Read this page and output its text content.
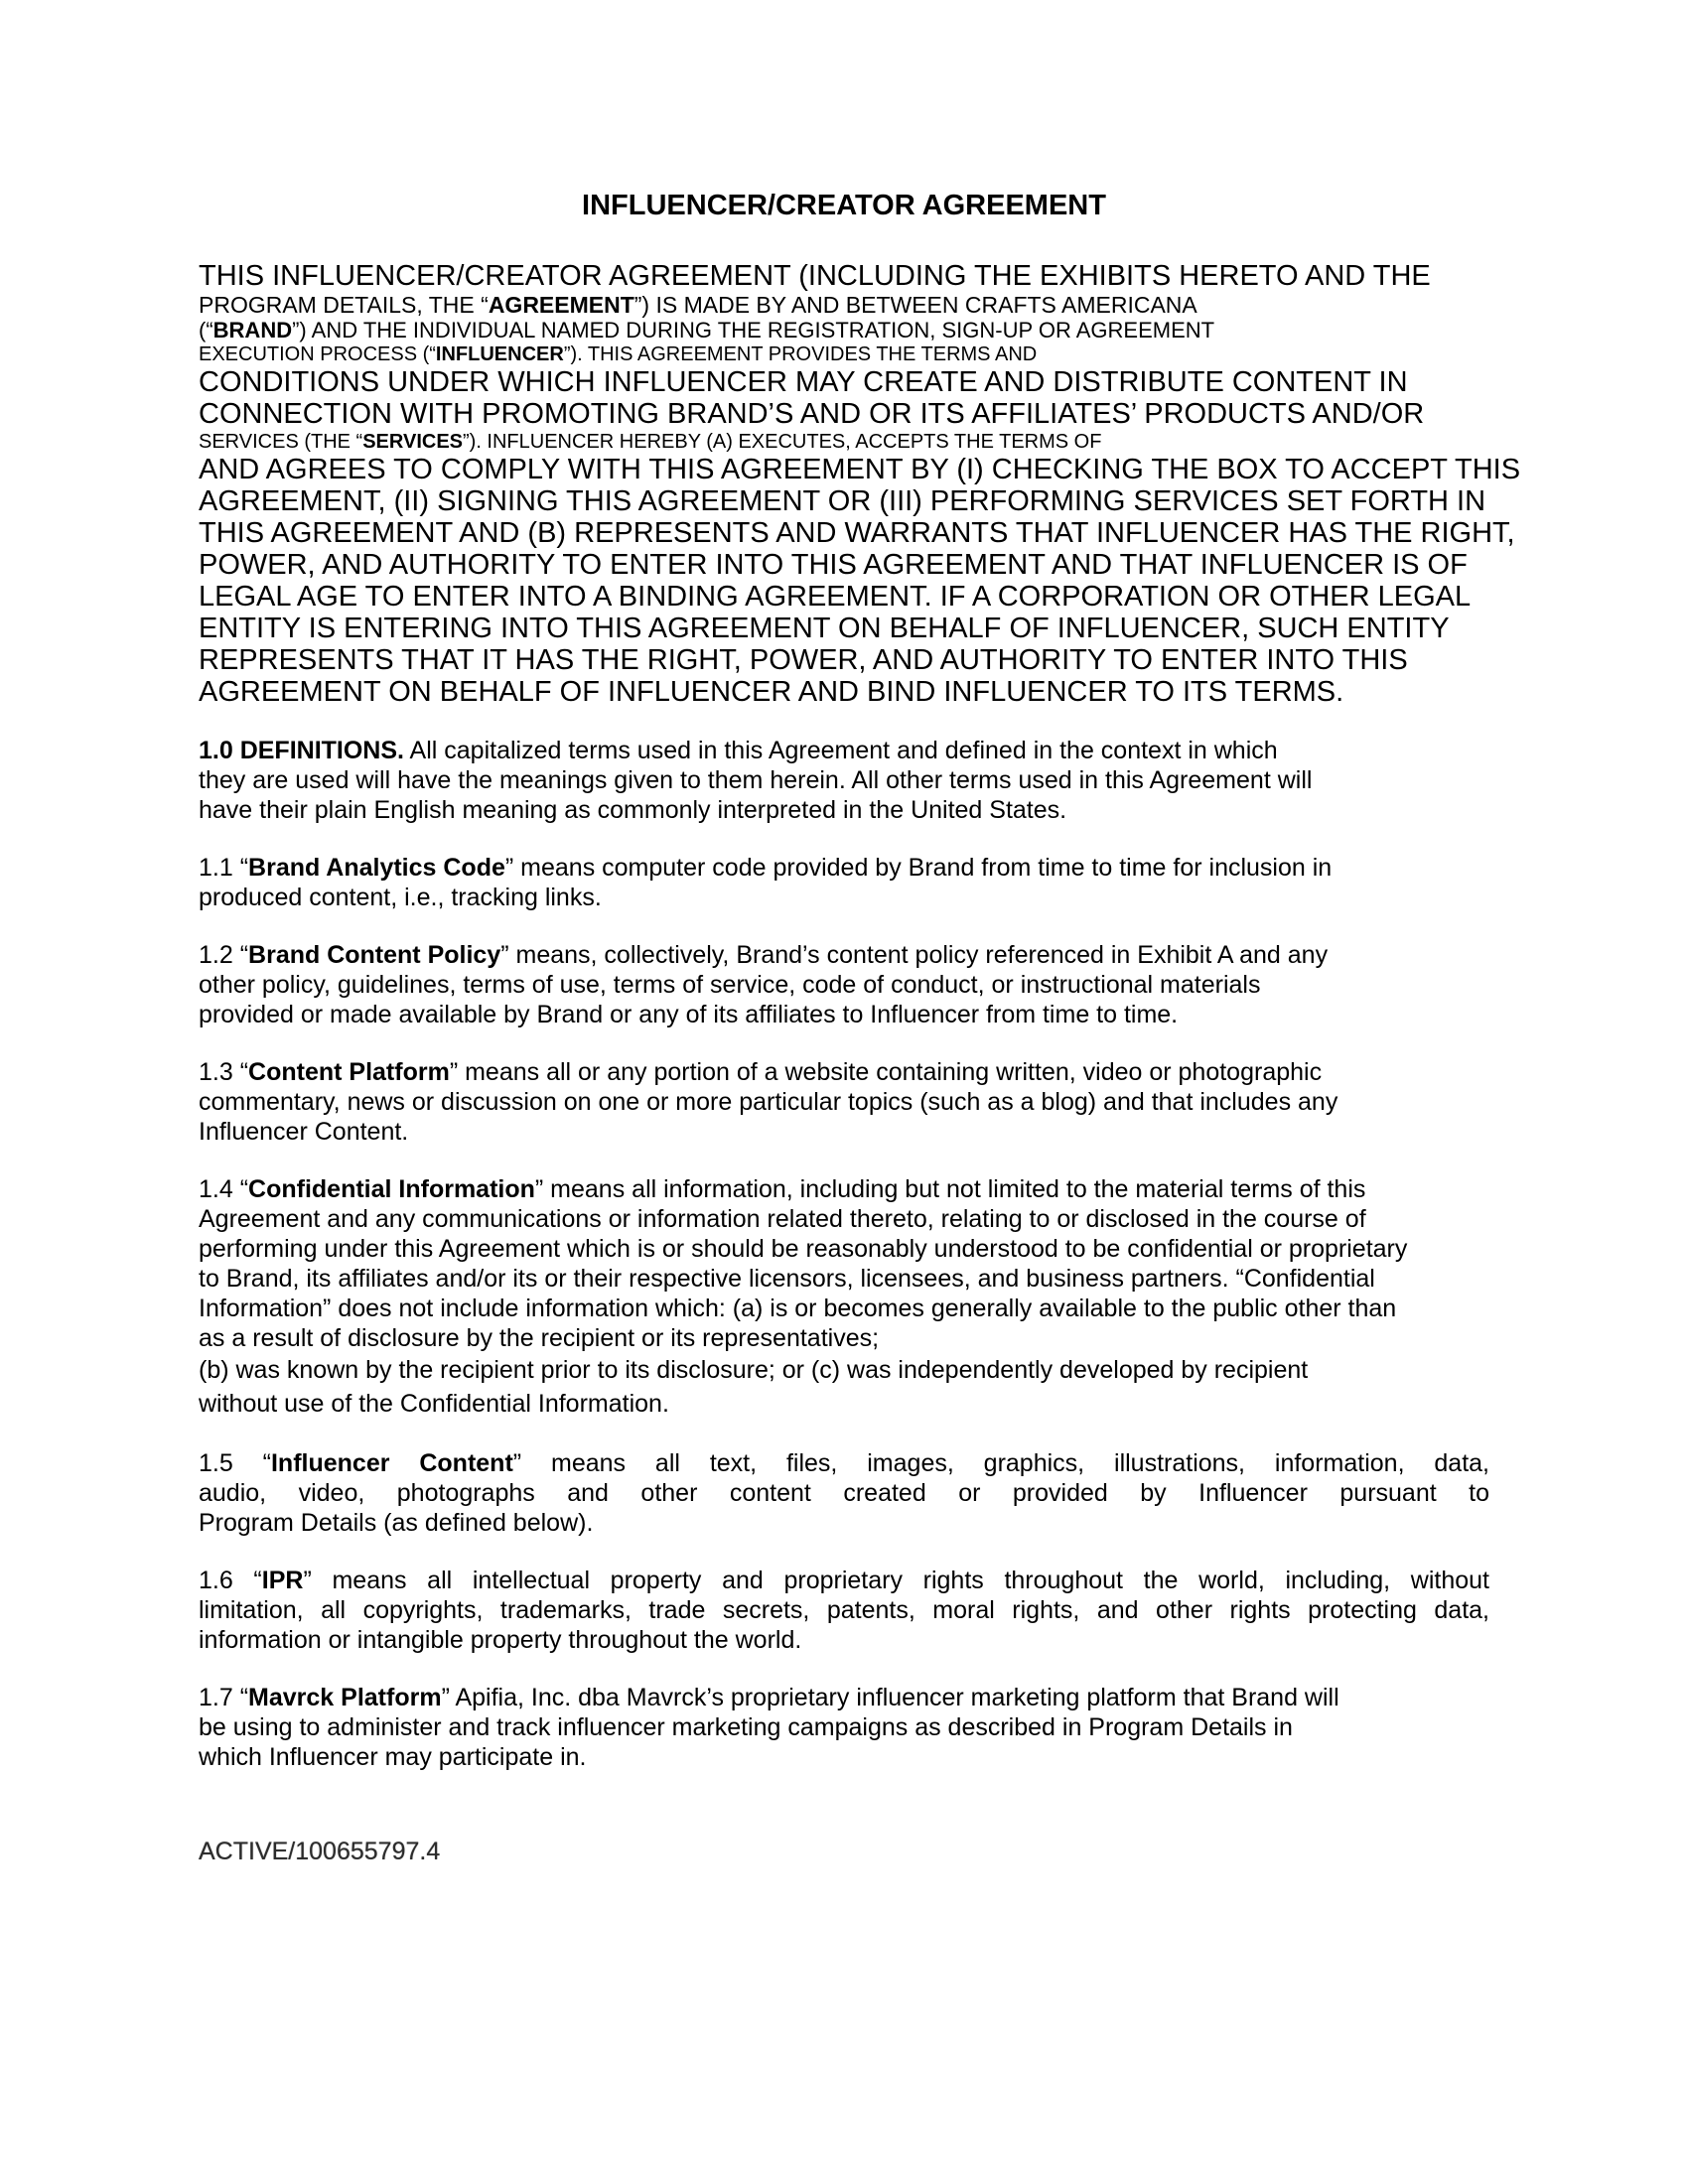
INFLUENCER/CREATOR AGREEMENT
THIS INFLUENCER/CREATOR AGREEMENT (INCLUDING THE EXHIBITS HERETO AND THE
PROGRAM DETAILS, THE “AGREEMENT”) IS MADE BY AND BETWEEN CRAFTS AMERICANA
(“BRAND”) AND THE INDIVIDUAL NAMED DURING THE REGISTRATION, SIGN-UP OR AGREEMENT
EXECUTION PROCESS (“INFLUENCER”). THIS AGREEMENT PROVIDES THE TERMS AND
CONDITIONS UNDER WHICH INFLUENCER MAY CREATE AND DISTRIBUTE CONTENT IN
CONNECTION WITH PROMOTING BRAND’S AND OR ITS AFFILIATES’ PRODUCTS AND/OR
SERVICES (THE “SERVICES”). INFLUENCER HEREBY (A) EXECUTES, ACCEPTS THE TERMS OF
AND AGREES TO COMPLY WITH THIS AGREEMENT BY (I) CHECKING THE BOX TO ACCEPT THIS
AGREEMENT, (II) SIGNING THIS AGREEMENT OR (III) PERFORMING SERVICES SET FORTH IN
THIS AGREEMENT AND (B) REPRESENTS AND WARRANTS THAT INFLUENCER HAS THE RIGHT,
POWER, AND AUTHORITY TO ENTER INTO THIS AGREEMENT AND THAT INFLUENCER IS OF
LEGAL AGE TO ENTER INTO A BINDING AGREEMENT. IF A CORPORATION OR OTHER LEGAL
ENTITY IS ENTERING INTO THIS AGREEMENT ON BEHALF OF INFLUENCER, SUCH ENTITY
REPRESENTS THAT IT HAS THE RIGHT, POWER, AND AUTHORITY TO ENTER INTO THIS
AGREEMENT ON BEHALF OF INFLUENCER AND BIND INFLUENCER TO ITS TERMS.
1.0 DEFINITIONS. All capitalized terms used in this Agreement and defined in the context in which
they are used will have the meanings given to them herein. All other terms used in this Agreement will
have their plain English meaning as commonly interpreted in the United States.
1.1 “Brand Analytics Code” means computer code provided by Brand from time to time for inclusion in
produced content, i.e., tracking links.
1.2 “Brand Content Policy” means, collectively, Brand’s content policy referenced in Exhibit A and any
other policy, guidelines, terms of use, terms of service, code of conduct, or instructional materials
provided or made available by Brand or any of its affiliates to Influencer from time to time.
1.3 “Content Platform” means all or any portion of a website containing written, video or photographic
commentary, news or discussion on one or more particular topics (such as a blog) and that includes any
Influencer Content.
1.4 “Confidential Information” means all information, including but not limited to the material terms of this
Agreement and any communications or information related thereto, relating to or disclosed in the course of
performing under this Agreement which is or should be reasonably understood to be confidential or proprietary
to Brand, its affiliates and/or its or their respective licensors, licensees, and business partners. “Confidential
Information” does not include information which: (a) is or becomes generally available to the public other than
as a result of disclosure by the recipient or its representatives;
(b) was known by the recipient prior to its disclosure; or (c) was independently developed by recipient
without use of the Confidential Information.
1.5 “Influencer Content” means all text, files, images, graphics, illustrations, information, data,
audio, video, photographs and other content created or provided by Influencer pursuant to
Program Details (as defined below).
1.6 “IPR” means all intellectual property and proprietary rights throughout the world, including, without
limitation, all copyrights, trademarks, trade secrets, patents, moral rights, and other rights protecting data,
information or intangible property throughout the world.
1.7 “Mavrck Platform” Apifia, Inc. dba Mavrck’s proprietary influencer marketing platform that Brand will
be using to administer and track influencer marketing campaigns as described in Program Details in
which Influencer may participate in.
ACTIVE/100655797.4
